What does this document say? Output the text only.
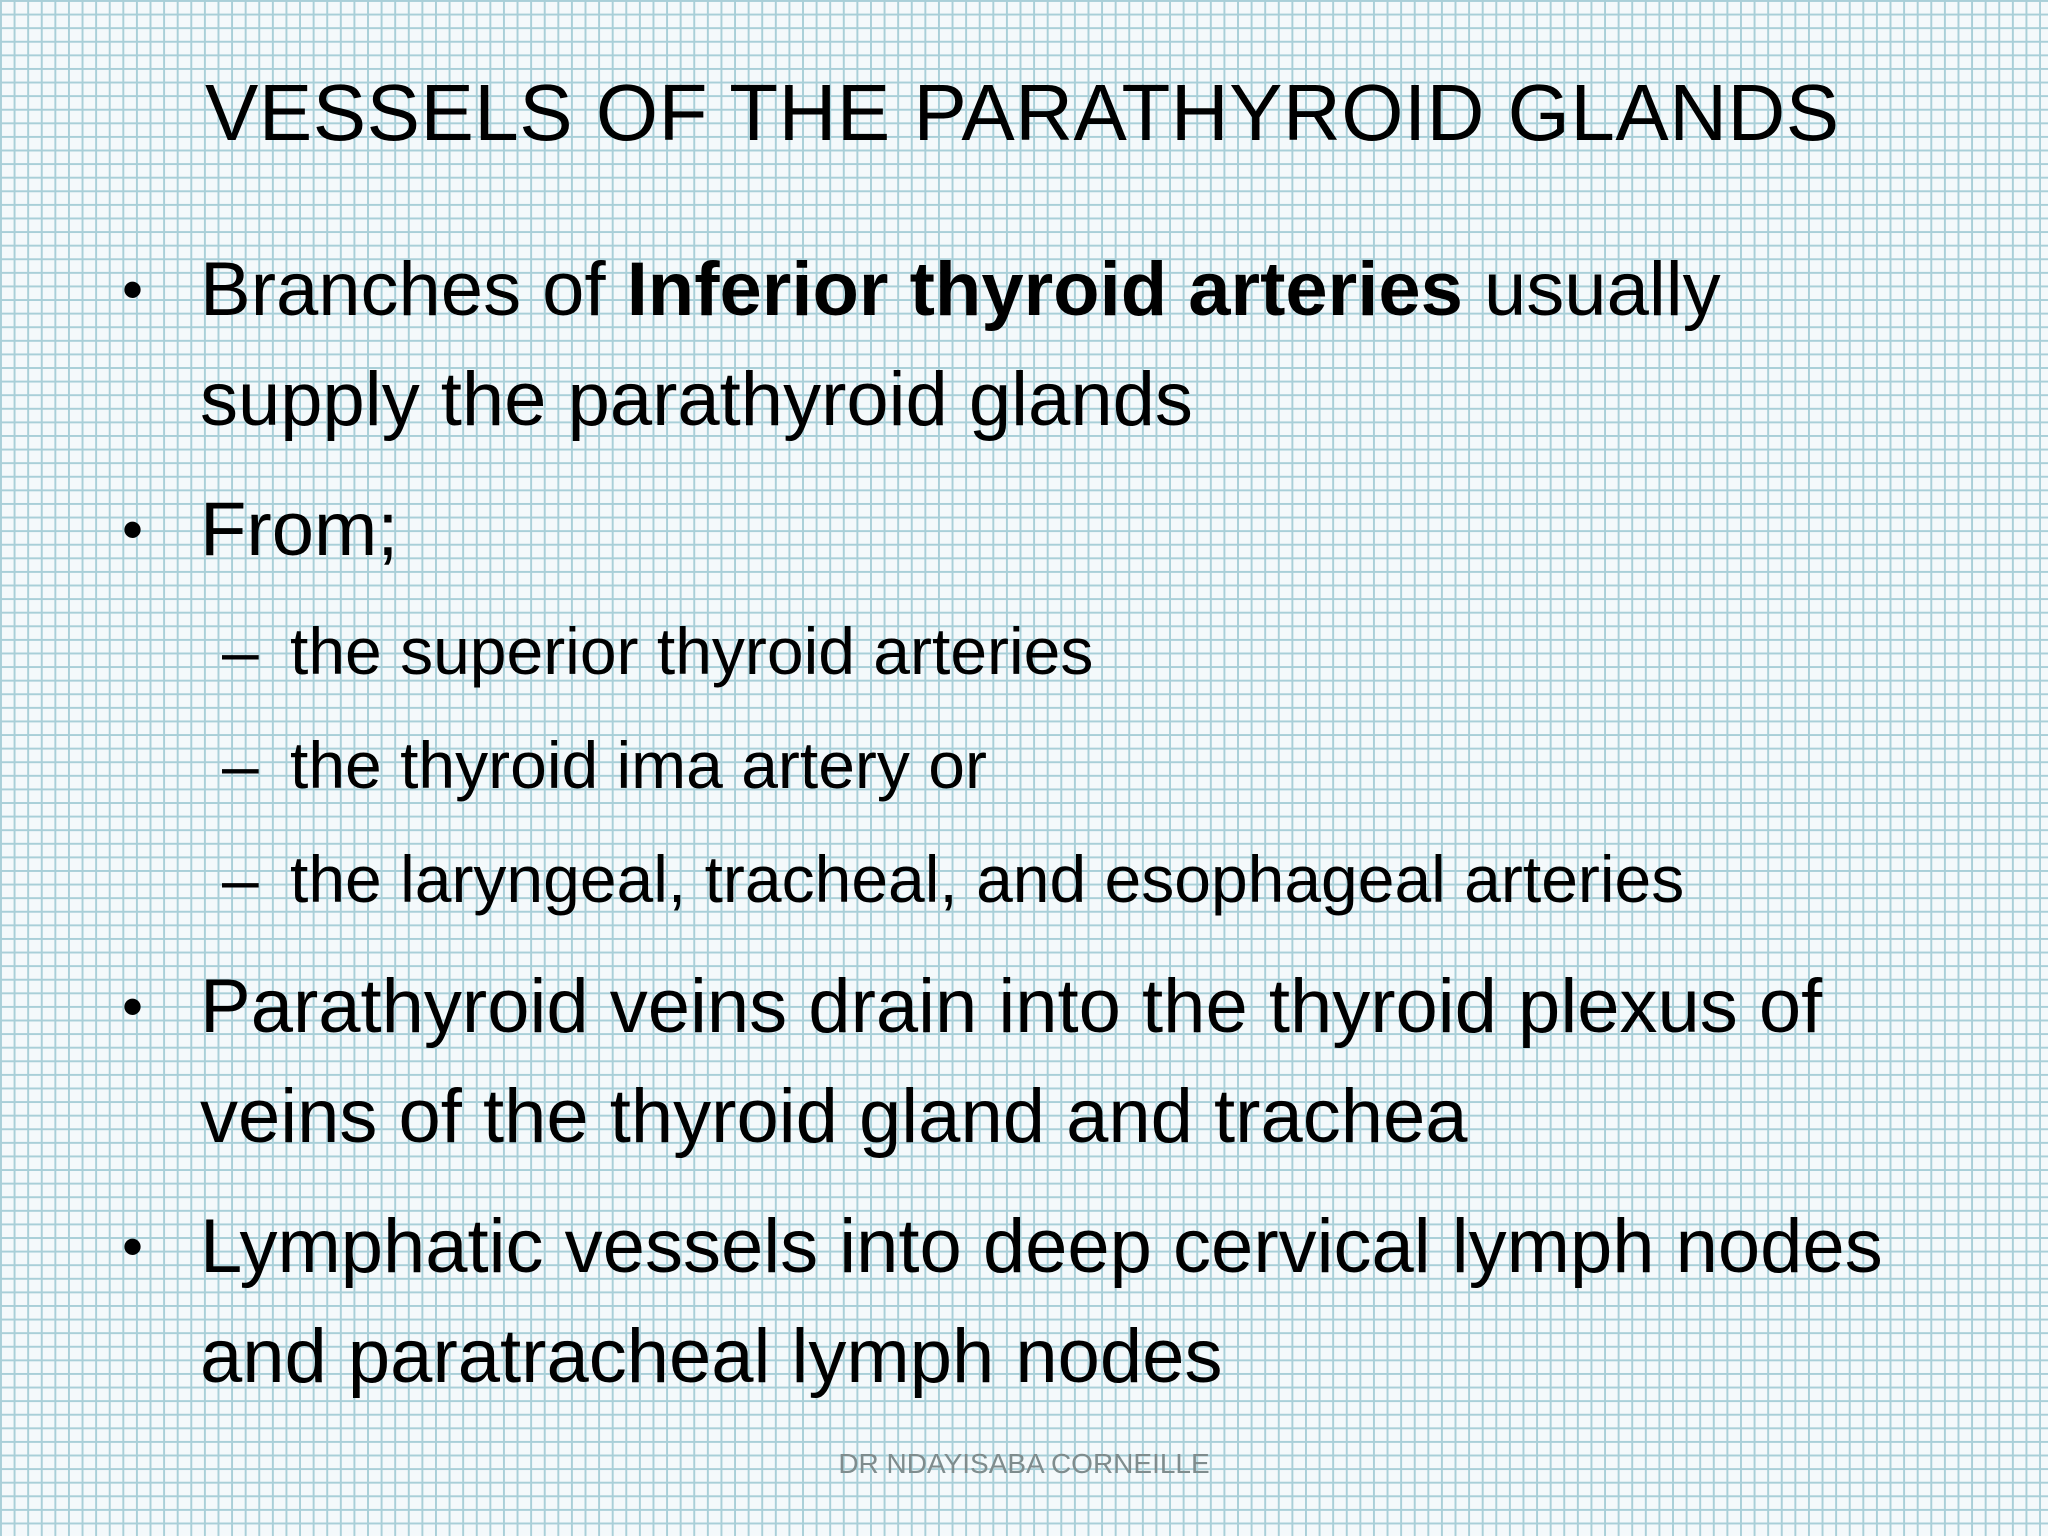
VESSELS OF THE PARATHYROID GLANDS
• Branches of Inferior thyroid arteries usually supply the parathyroid glands
• From;
– the superior thyroid arteries
– the thyroid ima artery or
– the laryngeal, tracheal, and esophageal arteries
• Parathyroid veins drain into the thyroid plexus of veins of the thyroid gland and trachea
• Lymphatic vessels into deep cervical lymph nodes and paratracheal lymph nodes
DR NDAYISABA CORNEILLE
